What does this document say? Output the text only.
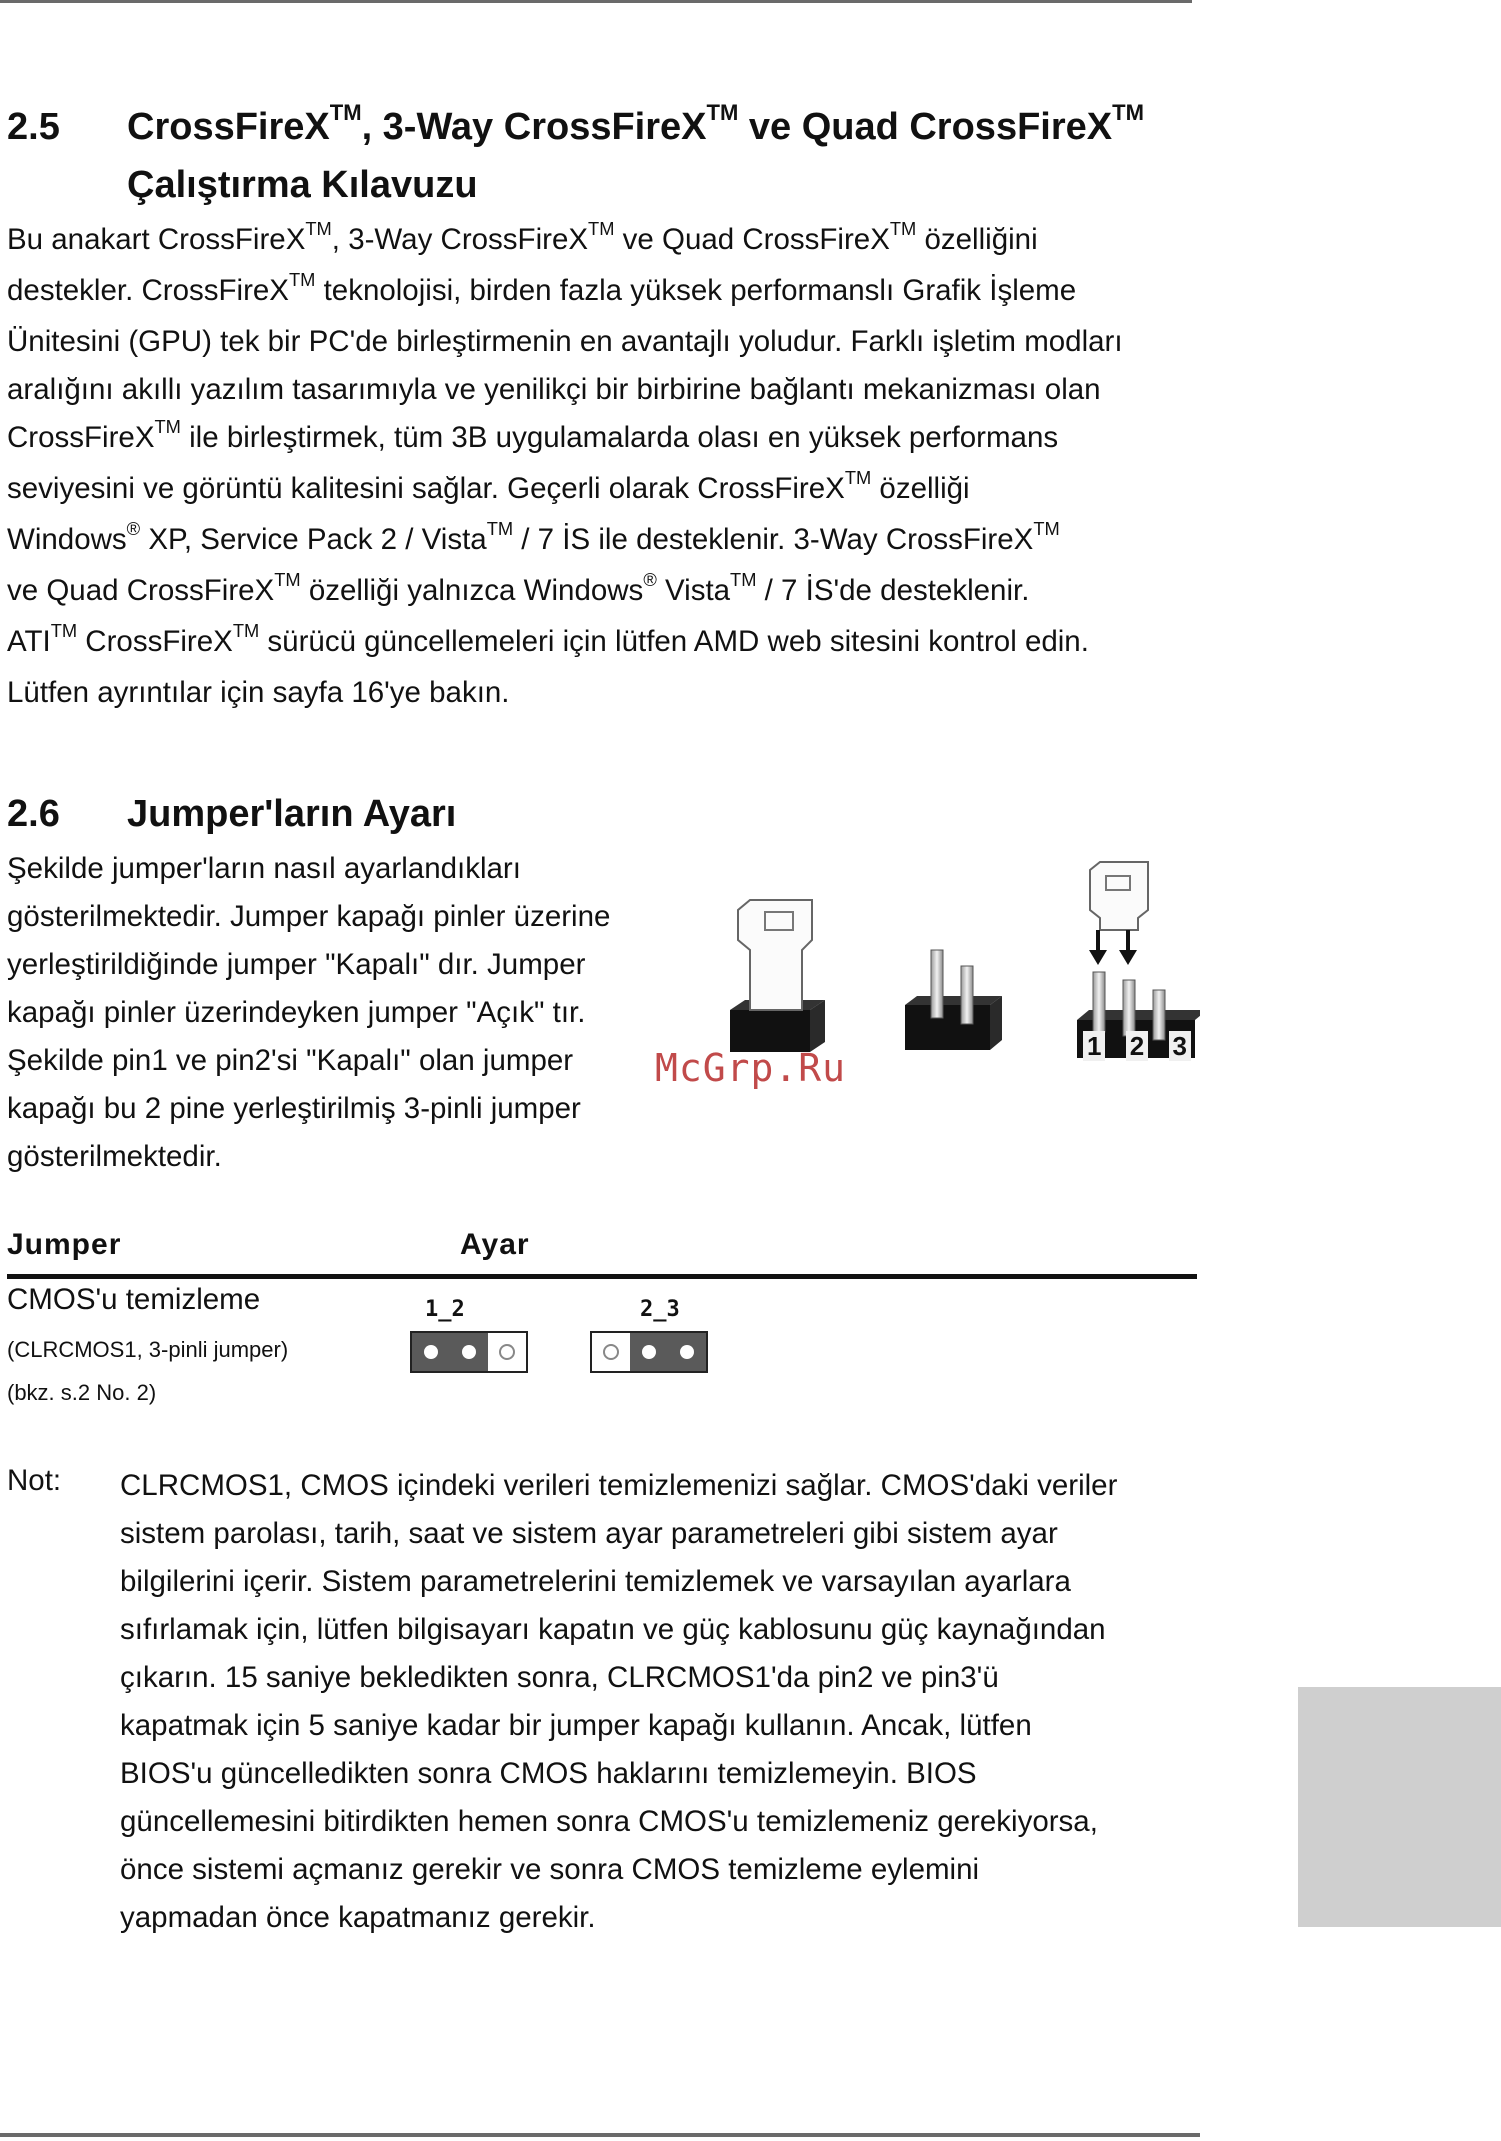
2.5 CrossFireX™, 3-Way CrossFireX™ ve Quad CrossFireX™
Çalıştırma Kılavuzu
Bu anakart CrossFireX™, 3-Way CrossFireX™ ve Quad CrossFireX™ özelliğini
destekler. CrossFireX™ teknolojisi, birden fazla yüksek performanslı Grafik İşleme
Ünitesini (GPU) tek bir PC'de birleştirmenin en avantajlı yoludur. Farklı işletim modları
aralığını akıllı yazılım tasarımıyla ve yenilikçi bir birbirine bağlantı mekanizması olan
CrossFireX™ ile birleştirmek, tüm 3B uygulamalarda olası en yüksek performans
seviyesini ve görüntü kalitesini sağlar. Geçerli olarak CrossFireX™ özelliği
Windows® XP, Service Pack 2 / Vista™ / 7 İS ile desteklenir. 3-Way CrossFireX™
ve Quad CrossFireX™ özelliği yalnızca Windows® Vista™ / 7 İS'de desteklenir.
ATI™ CrossFireX™ sürücü güncellemeleri için lütfen AMD web sitesini kontrol edin.
Lütfen ayrıntılar için sayfa 16'ye bakın.
2.6 Jumper'ların Ayarı
Şekilde jumper'ların nasıl ayarlandıkları
gösterilmektedir. Jumper kapağı pinler üzerine
yerleştirildiğinde jumper "Kapalı" dır. Jumper
kapağı pinler üzerindeyken jumper "Açık" tır.
Şekilde pin1 ve pin2'si "Kapalı" olan jumper
kapağı bu 2 pine yerleştirilmiş 3-pinli jumper
gösterilmektedir.
1 2 3
McGrp.Ru
Jumper	Ayar
CMOS'u temizleme
(CLRCMOS1, 3-pinli jumper)
(bkz. s.2 No. 2)
1_2	2_3
Not: CLRCMOS1, CMOS içindeki verileri temizlemenizi sağlar. CMOS'daki veriler
sistem parolası, tarih, saat ve sistem ayar parametreleri gibi sistem ayar
bilgilerini içerir. Sistem parametrelerini temizlemek ve varsayılan ayarlara
sıfırlamak için, lütfen bilgisayarı kapatın ve güç kablosunu güç kaynağından
çıkarın. 15 saniye bekledikten sonra, CLRCMOS1'da pin2 ve pin3'ü
kapatmak için 5 saniye kadar bir jumper kapağı kullanın. Ancak, lütfen
BIOS'u güncelledikten sonra CMOS haklarını temizlemeyin. BIOS
güncellemesini bitirdikten hemen sonra CMOS'u temizlemeniz gerekiyorsa,
önce sistemi açmanız gerekir ve sonra CMOS temizleme eylemini
yapmadan önce kapatmanız gerekir.
